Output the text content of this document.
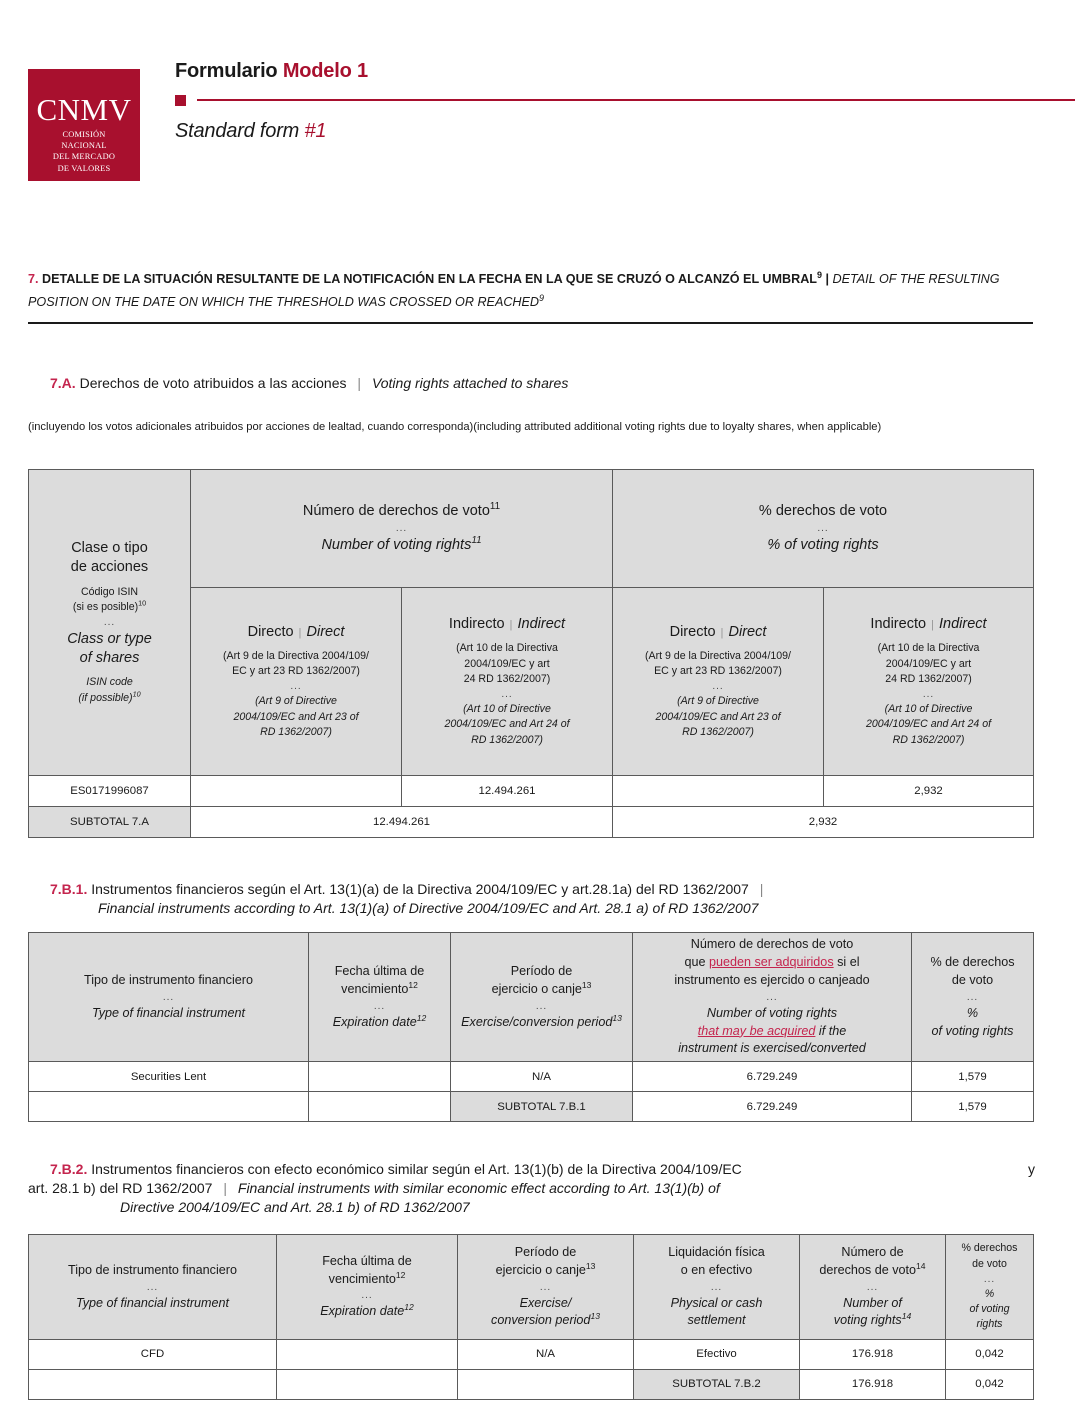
CNMV
COMISIÓN
NACIONAL
DEL MERCADO
DE VALORES
Formulario Modelo 1
Standard form #1
7. DETALLE DE LA SITUACIÓN RESULTANTE DE LA NOTIFICACIÓN EN LA FECHA EN LA QUE SE CRUZÓ O ALCANZÓ EL UMBRAL$^9$ | DETAIL OF THE RESULTING POSITION ON THE DATE ON WHICH THE THRESHOLD WAS CROSSED OR REACHED$^9$
7.A. Derechos de voto atribuidos a las acciones | Voting rights attached to shares
(incluyendo los votos adicionales atribuidos por acciones de lealtad, cuando corresponda)(including attributed additional voting rights due to loyalty shares, when applicable)
Clase o tipo
de acciones
Código ISIN
(si es posible)$^{10}$
...
Class or type
of shares
ISIN code
(if possible)$^{10}$

Número de derechos de voto$^{11}$
...
Number of voting rights$^{11}$

% derechos de voto
...
% of voting rights

Directo | Direct
(Art 9 de la Directiva 2004/109/
EC y art 23 RD 1362/2007)
...
(Art 9 of Directive
2004/109/EC and Art 23 of
RD 1362/2007)

Indirecto | Indirect
(Art 10 de la Directiva
2004/109/EC y art
24 RD 1362/2007)
...
(Art 10 of Directive
2004/109/EC and Art 24 of
RD 1362/2007)

Directo | Direct
(Art 9 de la Directiva 2004/109/
EC y art 23 RD 1362/2007)
...
(Art 9 of Directive
2004/109/EC and Art 23 of
RD 1362/2007)

Indirecto | Indirect
(Art 10 de la Directiva
2004/109/EC y art
24 RD 1362/2007)
...
(Art 10 of Directive
2004/109/EC and Art 24 of
RD 1362/2007)

ES0171996087		12.494.261		2,932
SUBTOTAL 7.A	12.494.261		2,932	
7.B.1. Instrumentos financieros según el Art. 13(1)(a) de la Directiva 2004/109/EC y art.28.1a) del RD 1362/2007 |
Financial instruments according to Art. 13(1)(a) of Directive 2004/109/EC and Art. 28.1 a) of RD 1362/2007
Tipo de instrumento financiero
...
Type of financial instrument

Fecha última de
vencimiento$^{12}$
...
Expiration date$^{12}$

Período de
ejercicio o canje$^{13}$
...
Exercise/conversion period$^{13}$

Número de derechos de voto
que pueden ser adquiridos si el
instrumento es ejercido o canjeado
...
Number of voting rights
that may be acquired if the
instrument is exercised/converted

% de derechos
de voto
...
%
of voting rights

Securities Lent		N/A	6.729.249	1,579
		SUBTOTAL 7.B.1	6.729.249	1,579
7.B.2. Instrumentos financieros con efecto económico similar según el Art. 13(1)(b) de la Directiva 2004/109/EC	y
art. 28.1 b) del RD 1362/2007 | Financial instruments with similar economic effect according to Art. 13(1)(b) of
Directive 2004/109/EC and Art. 28.1 b) of RD 1362/2007
Tipo de instrumento financiero
...
Type of financial instrument

Fecha última de
vencimiento$^{12}$
...
Expiration date$^{12}$

Período de
ejercicio o canje$^{13}$
...
Exercise/
conversion period$^{13}$

Liquidación física
o en efectivo
...
Physical or cash
settlement

Número de
derechos de voto$^{14}$
...
Number of
voting rights$^{14}$

% derechos
de voto
...
%
of voting
rights

CFD		N/A	Efectivo	176.918	0,042
			SUBTOTAL 7.B.2	176.918	0,042
